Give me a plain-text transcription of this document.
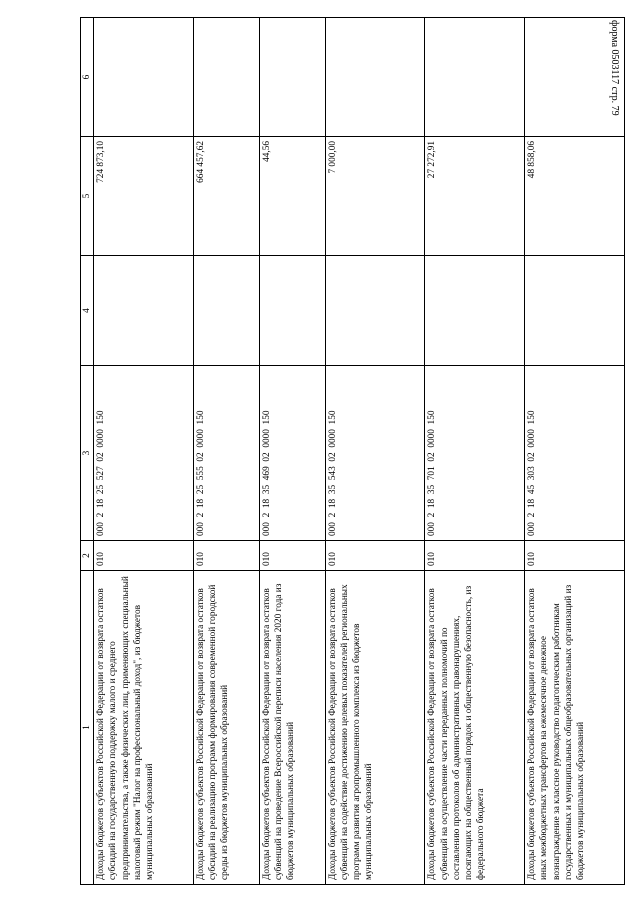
форма 0503117 стр. 79
1	2	3	4	5	6
Доходы бюджетов субъектов Российской Федерации от возврата остатков субсидий на государственную поддержку малого и среднего предпринимательства, а также физических лиц, применяющих специальный налоговый режим "Налог на профессиональный доход", из бюджетов муниципальных образований	010	000  2  18  25  527  02  0000  150		724 873,10	
Доходы бюджетов субъектов Российской Федерации от возврата остатков субсидий на реализацию программ формирования современной городской среды из бюджетов муниципальных образований	010	000  2  18  25  555  02  0000  150		664 457,62	
Доходы бюджетов субъектов Российской Федерации от возврата остатков субвенций на проведение Всероссийской переписи населения 2020 года из бюджетов муниципальных образований	010	000  2  18  35  469  02  0000  150		44,56	
Доходы бюджетов субъектов Российской Федерации от возврата остатков субвенций на содействие достижению целевых показателей региональных программ развития агропромышленного комплекса из бюджетов муниципальных образований	010	000  2  18  35  543  02  0000  150		7 000,00	
Доходы бюджетов субъектов Российской Федерации от возврата остатков субвенций на осуществление части переданных полномочий по составлению протоколов об административных правонарушениях, посягающих на общественный порядок и общественную безопасность, из федерального бюджета	010	000  2  18  35  701  02  0000  150		27 272,91	
Доходы бюджетов субъектов Российской Федерации от возврата остатков иных межбюджетных трансфертов на ежемесячное денежное вознаграждение за классное руководство педагогическим работникам государственных и муниципальных общеобразовательных организаций из бюджетов муниципальных образований	010	000  2  18  45  303  02  0000  150		48 858,06	
